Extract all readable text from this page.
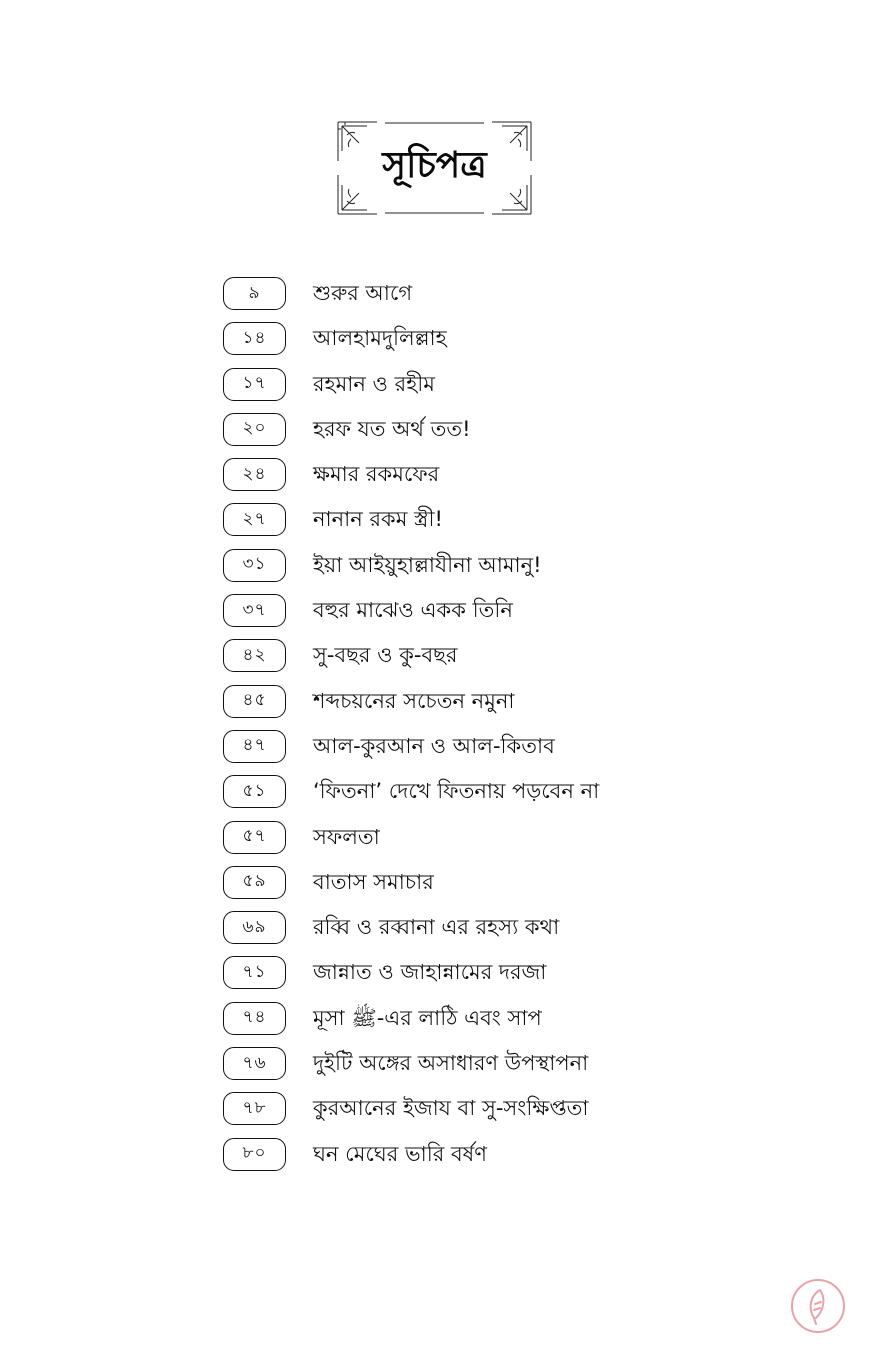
সূচিপত্র
৯	শুরুর আগে
১৪	আলহামদুলিল্লাহ
১৭	রহমান ও রহীম
২০	হরফ যত অর্থ তত!
২৪	ক্ষমার রকমফের
২৭	নানান রকম স্ত্রী!
৩১	ইয়া আইয়ুহাল্লাযীনা আমানু!
৩৭	বহুর মাঝেও একক তিনি
৪২	সু-বছর ও কু-বছর
৪৫	শব্দচয়নের সচেতন নমুনা
৪৭	আল-কুরআন ও আল-কিতাব
৫১	‘ফিতনা’ দেখে ফিতনায় পড়বেন না
৫৭	সফলতা
৫৯	বাতাস সমাচার
৬৯	রব্বি ও রব্বানা এর রহস্য কথা
৭১	জান্নাত ও জাহান্নামের দরজা
৭৪	মূসা ﷺ-এর লাঠি এবং সাপ
৭৬	দুইটি অঙ্গের অসাধারণ উপস্থাপনা
৭৮	কুরআনের ইজায বা সু-সংক্ষিপ্ততা
৮০	ঘন মেঘের ভারি বর্ষণ
